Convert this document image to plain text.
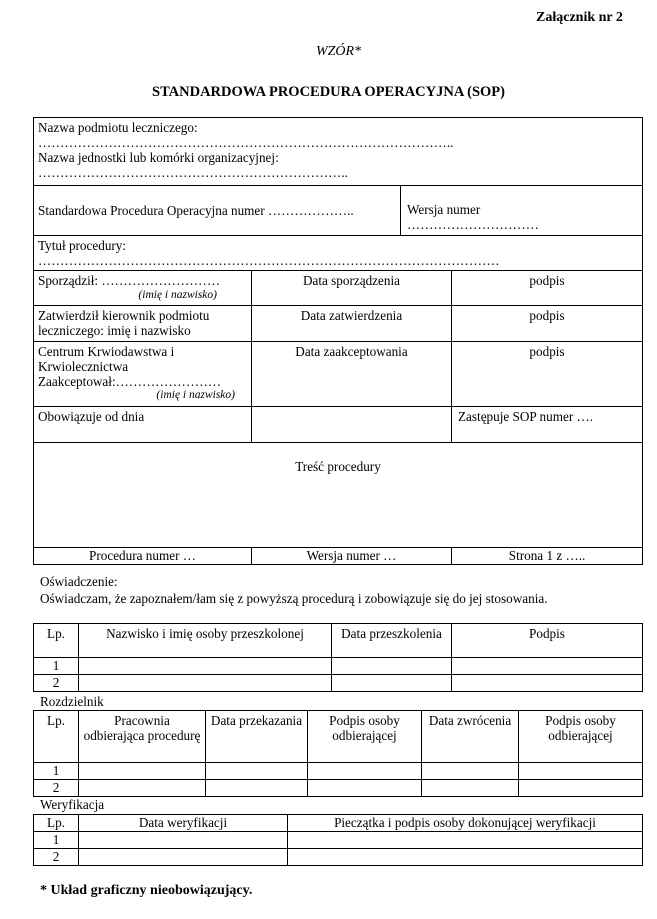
Załącznik nr 2
WZÓR*
STANDARDOWA PROCEDURA OPERACYJNA (SOP)
Nazwa podmiotu leczniczego:
…………………………………………………………………………………..
Nazwa jednostki lub komórki organizacyjnej:
……………………………………………………………..			

Standardowa Procedura Operacyjna numer ………………..		Wersja numer
…………………………	

Tytuł procedury:
……………………………………………………………………………………………			

Sporządził: ………………………
(imię i nazwisko)	Data sporządzenia		podpis
Zatwierdził kierownik podmiotu leczniczego: imię i nazwisko	Data zatwierdzenia		podpis

Centrum Krwiodawstwa i Krwiolecznictwa
Zaakceptował:……………………
(imię i nazwisko)	Data zaakceptowania		podpis
Obowiązuje od dnia			Zastępuje SOP numer ….
Treść procedury			
Procedura numer …	Wersja numer …		Strona 1 z …..
Oświadczenie:
Oświadczam, że zapoznałem/łam się z powyższą procedurą i zobowiązuje się do jej stosowania.
Lp.	Nazwisko i imię osoby przeszkolonej	Data przeszkolenia	Podpis
1			
2			
Rozdzielnik
Lp.	Pracownia odbierająca procedurę	Data przekazania	Podpis osoby odbierającej	Data zwrócenia	Podpis osoby odbierającej
1					
2					
Weryfikacja
Lp.	Data weryfikacji	Pieczątka i podpis osoby dokonującej weryfikacji
1		
2		
* Układ graficzny nieobowiązujący.
